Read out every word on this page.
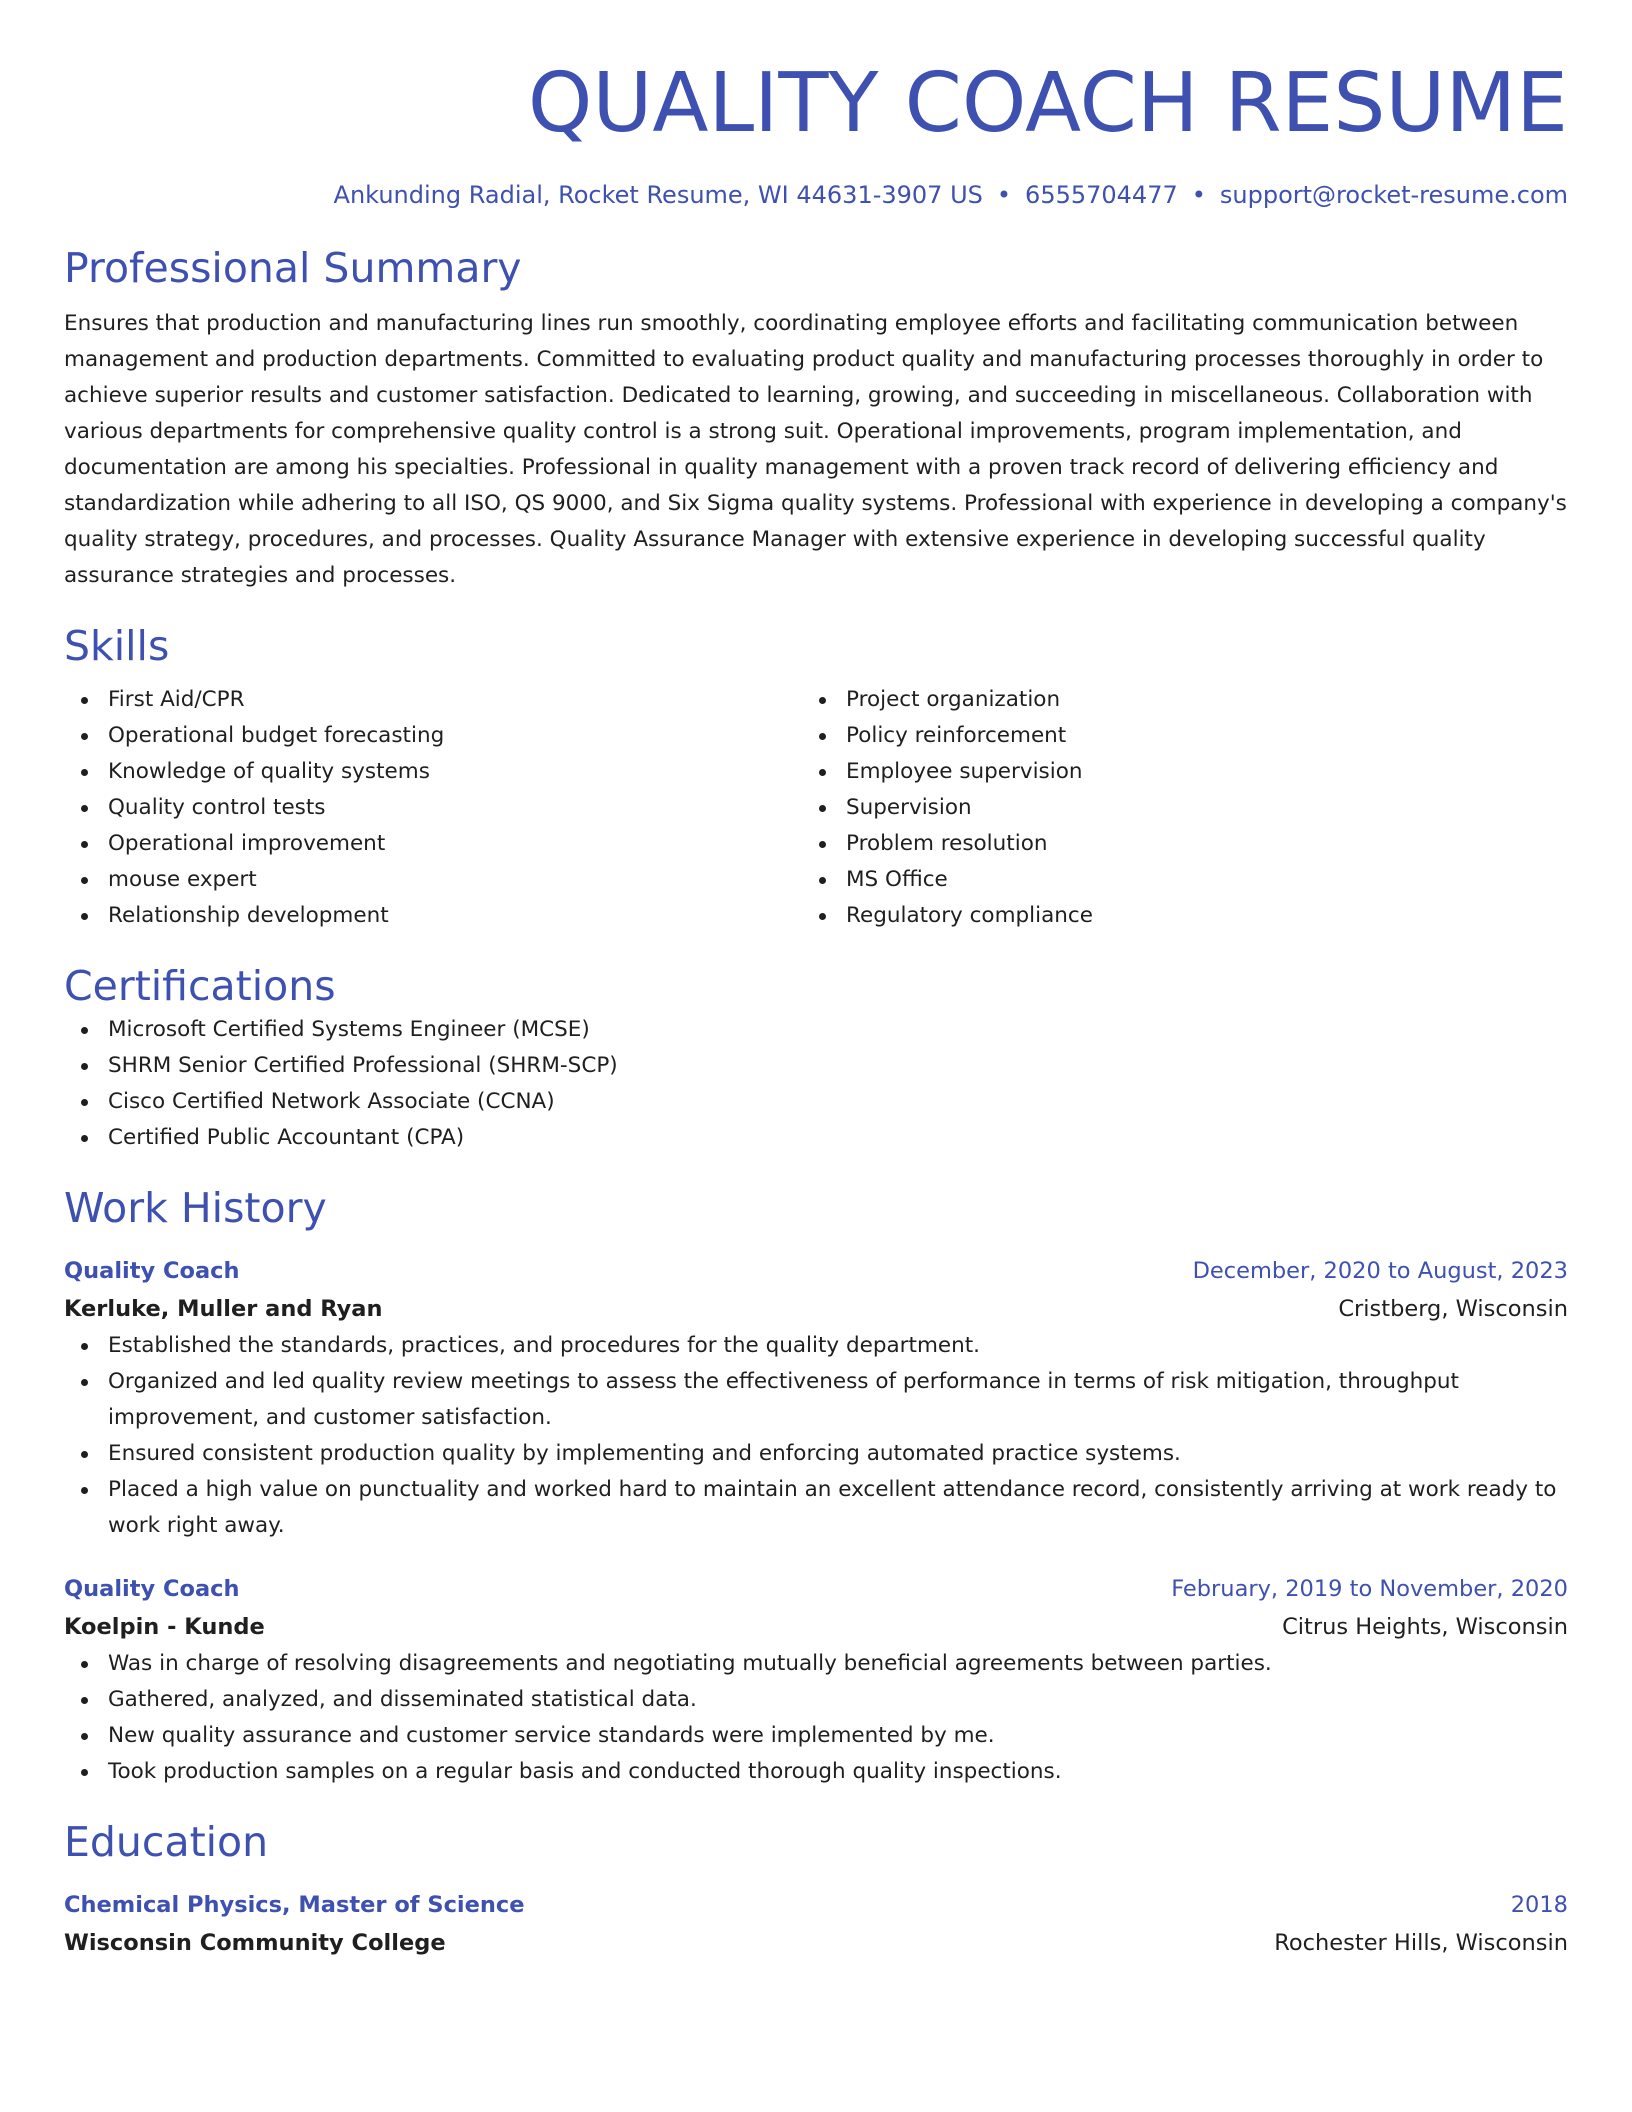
QUALITY COACH RESUME
Ankunding Radial, Rocket Resume, WI 44631-3907 US • 6555704477 • support@rocket-resume.com
Professional Summary

Ensures that production and manufacturing lines run smoothly, coordinating employee efforts and facilitating communication between management and production departments. Committed to evaluating product quality and manufacturing processes thoroughly in order to achieve superior results and customer satisfaction. Dedicated to learning, growing, and succeeding in miscellaneous. Collaboration with various departments for comprehensive quality control is a strong suit. Operational improvements, program implementation, and documentation are among his specialties. Professional in quality management with a proven track record of delivering efficiency and standardization while adhering to all ISO, QS 9000, and Six Sigma quality systems. Professional with experience in developing a company's quality strategy, procedures, and processes. Quality Assurance Manager with extensive experience in developing successful quality assurance strategies and processes.

Skills
First Aid/CPR
Operational budget forecasting
Knowledge of quality systems
Quality control tests
Operational improvement
mouse expert
Relationship development
Project organization
Policy reinforcement
Employee supervision
Supervision
Problem resolution
MS Office
Regulatory compliance
Certifications
Microsoft Certified Systems Engineer (MCSE)
SHRM Senior Certified Professional (SHRM-SCP)
Cisco Certified Network Associate (CCNA)
Certified Public Accountant (CPA)
Work History
Quality Coach	December, 2020 to August, 2023
Kerluke, Muller and Ryan	Cristberg, Wisconsin
Established the standards, practices, and procedures for the quality department.
Organized and led quality review meetings to assess the effectiveness of performance in terms of risk mitigation, throughput improvement, and customer satisfaction.
Ensured consistent production quality by implementing and enforcing automated practice systems.
Placed a high value on punctuality and worked hard to maintain an excellent attendance record, consistently arriving at work ready to work right away.
Quality Coach	February, 2019 to November, 2020
Koelpin - Kunde	Citrus Heights, Wisconsin
Was in charge of resolving disagreements and negotiating mutually beneficial agreements between parties.
Gathered, analyzed, and disseminated statistical data.
New quality assurance and customer service standards were implemented by me.
Took production samples on a regular basis and conducted thorough quality inspections.
Education
Chemical Physics, Master of Science	2018
Wisconsin Community College	Rochester Hills, Wisconsin
